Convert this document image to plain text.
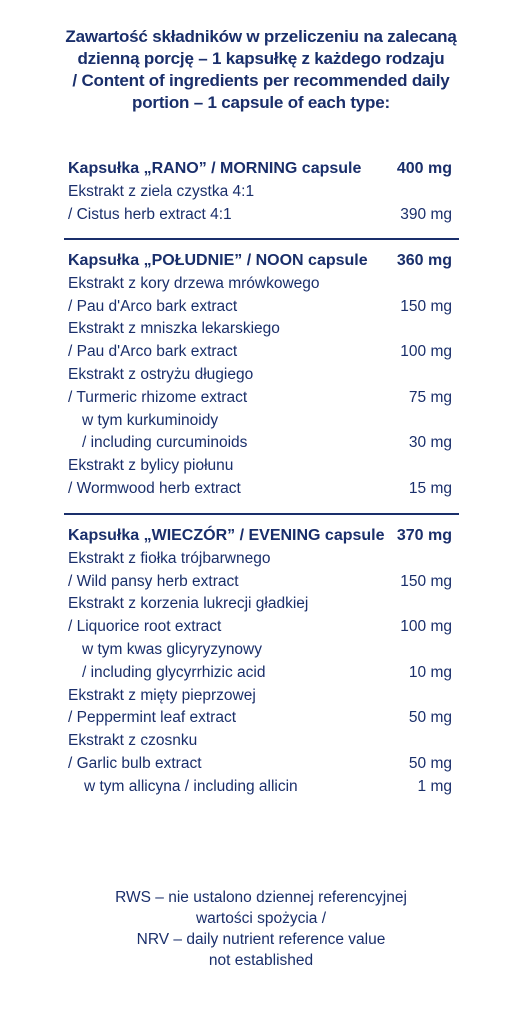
Zawartość składników w przeliczeniu na zalecaną
dzienną porcję – 1 kapsułkę z każdego rodzaju
/ Content of ingredients per recommended daily
portion – 1 capsule of each type:
Kapsułka „RANO” / MORNING capsule 400 mg
Ekstrakt z ziela czystka 4:1
/ Cistus herb extract 4:1	390 mg
Kapsułka „POŁUDNIE” / NOON capsule 360 mg
Ekstrakt z kory drzewa mrówkowego
/ Pau d'Arco bark extract	150 mg
Ekstrakt z mniszka lekarskiego
/ Pau d'Arco bark extract	100 mg
Ekstrakt z ostryżu długiego
/ Turmeric rhizome extract	75 mg
w tym kurkuminoidy
/ including curcuminoids	30 mg
Ekstrakt z bylicy piołunu
/ Wormwood herb extract	15 mg
Kapsułka „WIECZÓR” / EVENING capsule 370 mg
Ekstrakt z fiołka trójbarwnego
/ Wild pansy herb extract	150 mg
Ekstrakt z korzenia lukrecji gładkiej
/ Liquorice root extract	100 mg
w tym kwas glicyryzynowy
/ including glycyrrhizic acid	10 mg
Ekstrakt z mięty pieprzowej
/ Peppermint leaf extract	50 mg
Ekstrakt z czosnku
/ Garlic bulb extract	50 mg
w tym allicyna / including allicin	1 mg
RWS – nie ustalono dziennej referencyjnej
wartości spożycia /
NRV – daily nutrient reference value
not established
